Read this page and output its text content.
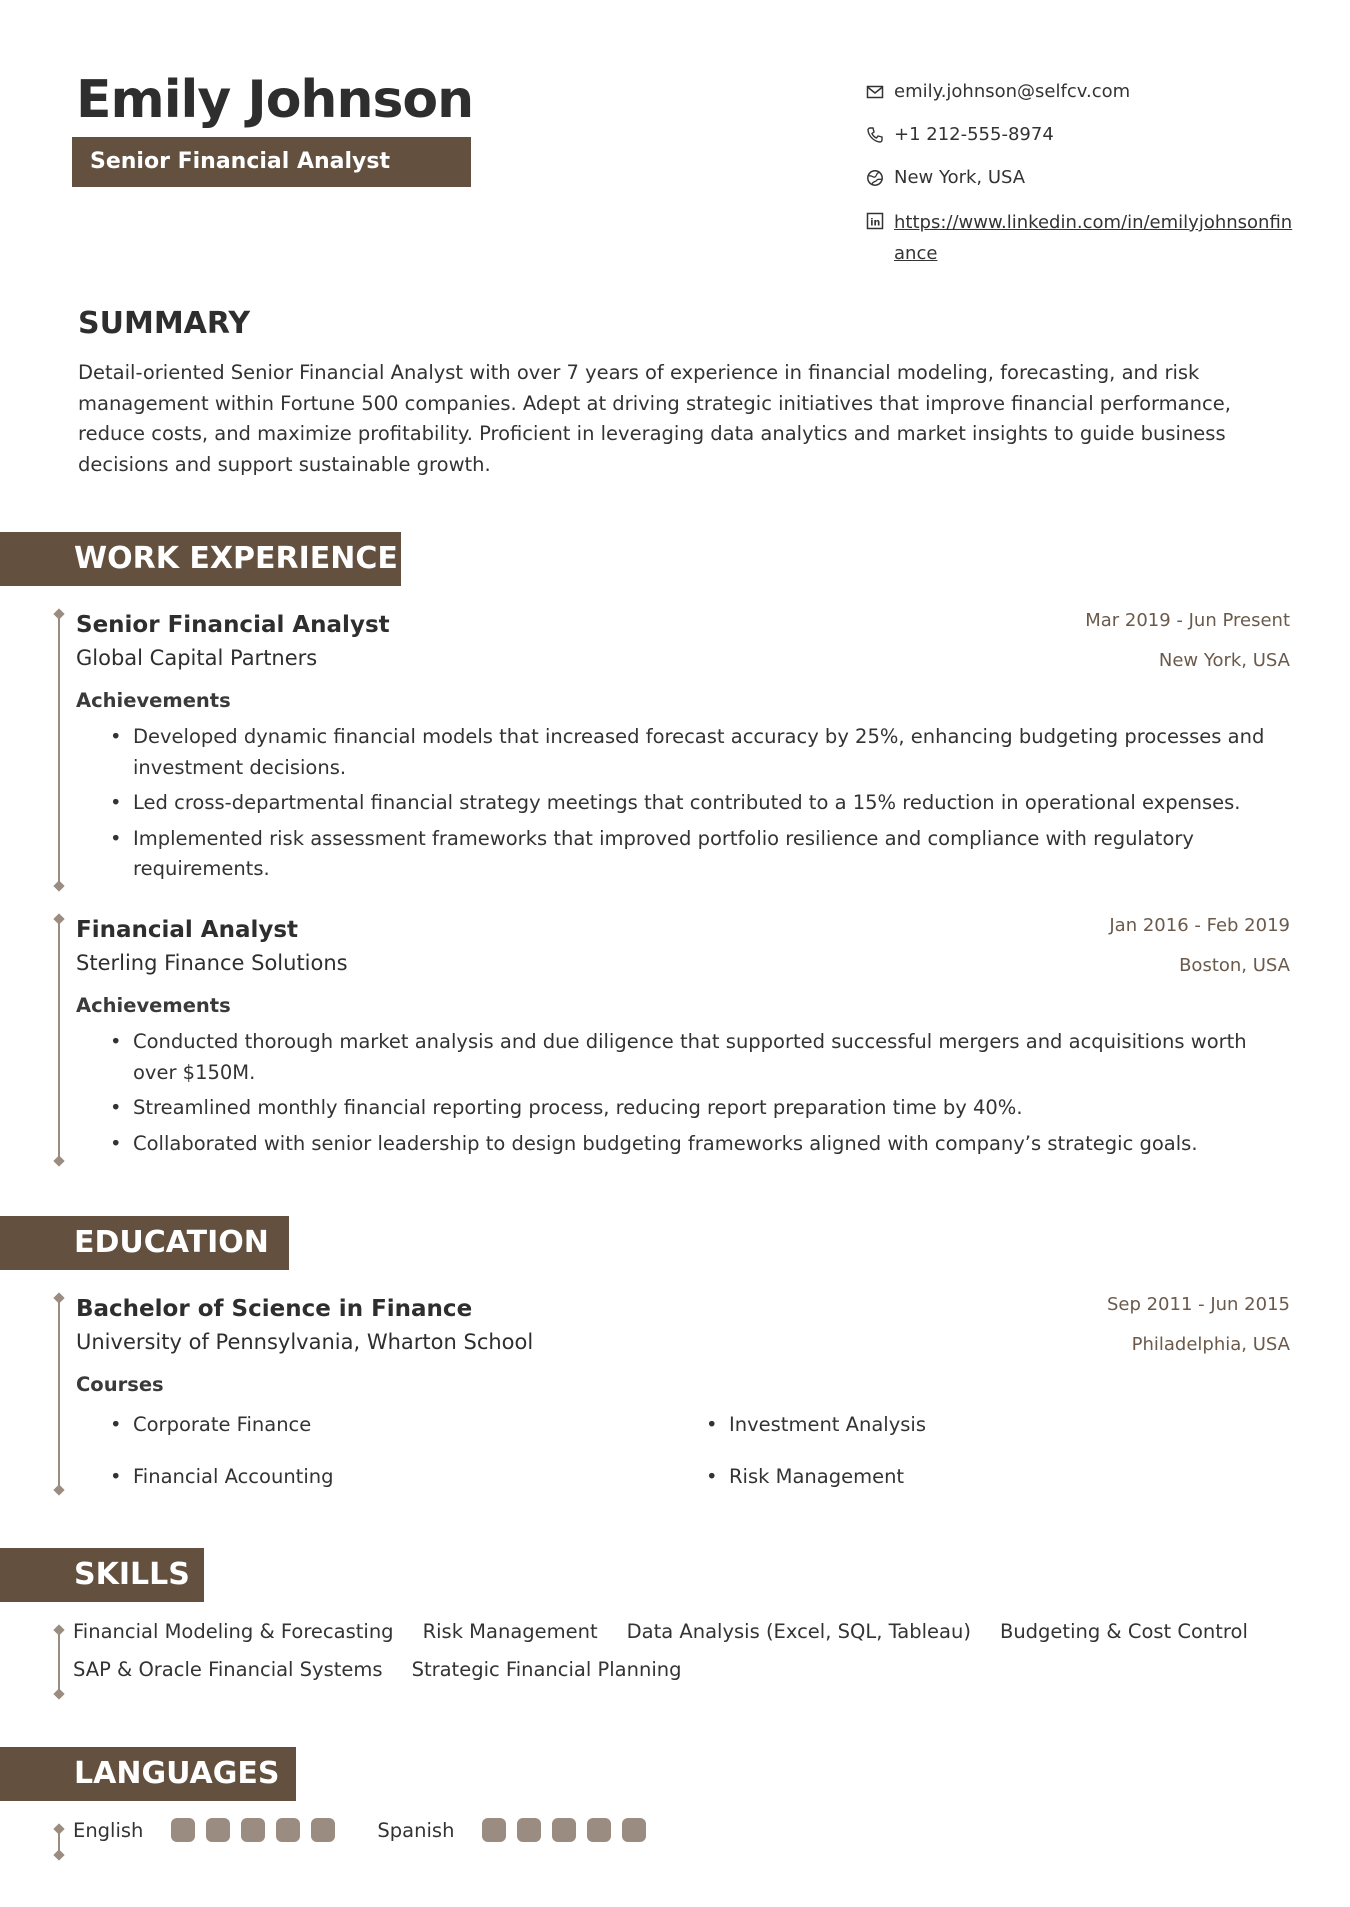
Emily Johnson
Senior Financial Analyst
emily.johnson@selfcv.com
+1 212-555-8974
New York, USA
in https://www.linkedin.com/in/emilyjohnsonfinance
SUMMARY
Detail-oriented Senior Financial Analyst with over 7 years of experience in financial modeling, forecasting, and risk management within Fortune 500 companies. Adept at driving strategic initiatives that improve financial performance, reduce costs, and maximize profitability. Proficient in leveraging data analytics and market insights to guide business decisions and support sustainable growth.
WORK EXPERIENCE
Senior Financial Analyst
Global Capital Partners
Mar 2019 - Jun Present
New York, USA
Achievements
• Developed dynamic financial models that increased forecast accuracy by 25%, enhancing budgeting processes and investment decisions.
• Led cross-departmental financial strategy meetings that contributed to a 15% reduction in operational expenses.
• Implemented risk assessment frameworks that improved portfolio resilience and compliance with regulatory requirements.
Financial Analyst
Sterling Finance Solutions
Jan 2016 - Feb 2019
Boston, USA
Achievements
• Conducted thorough market analysis and due diligence that supported successful mergers and acquisitions worth over $150M.
• Streamlined monthly financial reporting process, reducing report preparation time by 40%.
• Collaborated with senior leadership to design budgeting frameworks aligned with company’s strategic goals.
EDUCATION
Bachelor of Science in Finance
University of Pennsylvania, Wharton School
Sep 2011 - Jun 2015
Philadelphia, USA
Courses
• Corporate Finance	• Investment Analysis
• Financial Accounting	• Risk Management
SKILLS
Financial Modeling & Forecasting Risk Management Data Analysis (Excel, SQL, Tableau) Budgeting & Cost Control
SAP & Oracle Financial Systems Strategic Financial Planning
LANGUAGES
English	Spanish
